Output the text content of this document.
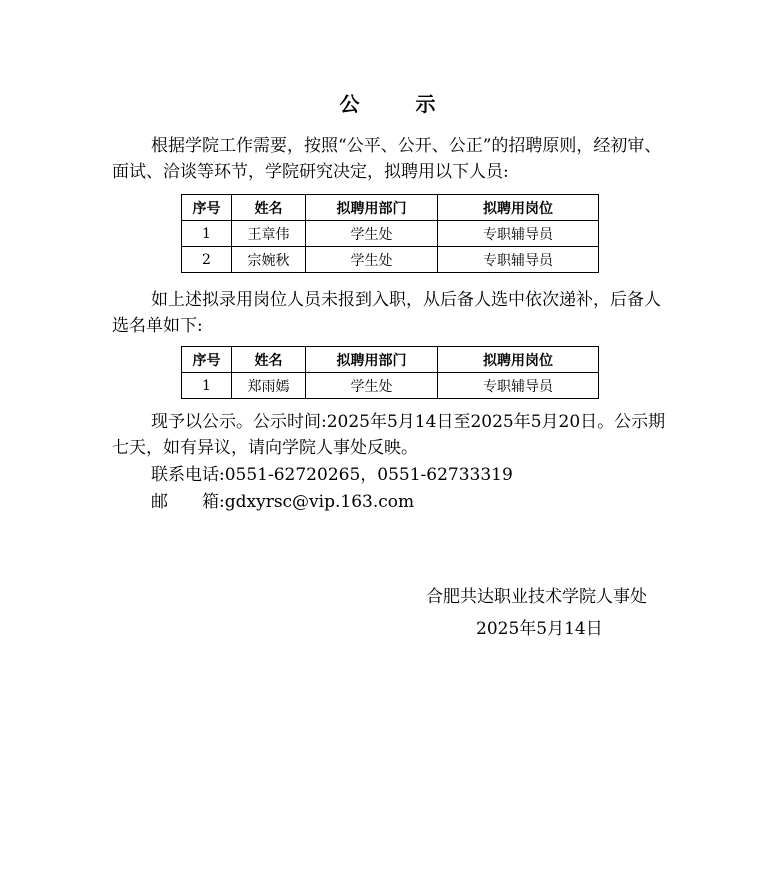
公　示
根据学院工作需要，按照“公平、公开、公正”的招聘原则，经初审、面试、洽谈等环节，学院研究决定，拟聘用以下人员:
序号	姓名	拟聘用部门	拟聘用岗位
1	王章伟	学生处	专职辅导员
2	宗婉秋	学生处	专职辅导员
如上述拟录用岗位人员未报到入职，从后备人选中依次递补，后备人选名单如下:
序号	姓名	拟聘用部门	拟聘用岗位
1	郑雨嫣	学生处	专职辅导员
现予以公示。公示时间:2025年5月14日至2025年5月20日。公示期七天，如有异议，请向学院人事处反映。
联系电话:0551-62720265，0551-62733319
邮　　箱:gdxyrsc@vip.163.com
合肥共达职业技术学院人事处
2025年5月14日
